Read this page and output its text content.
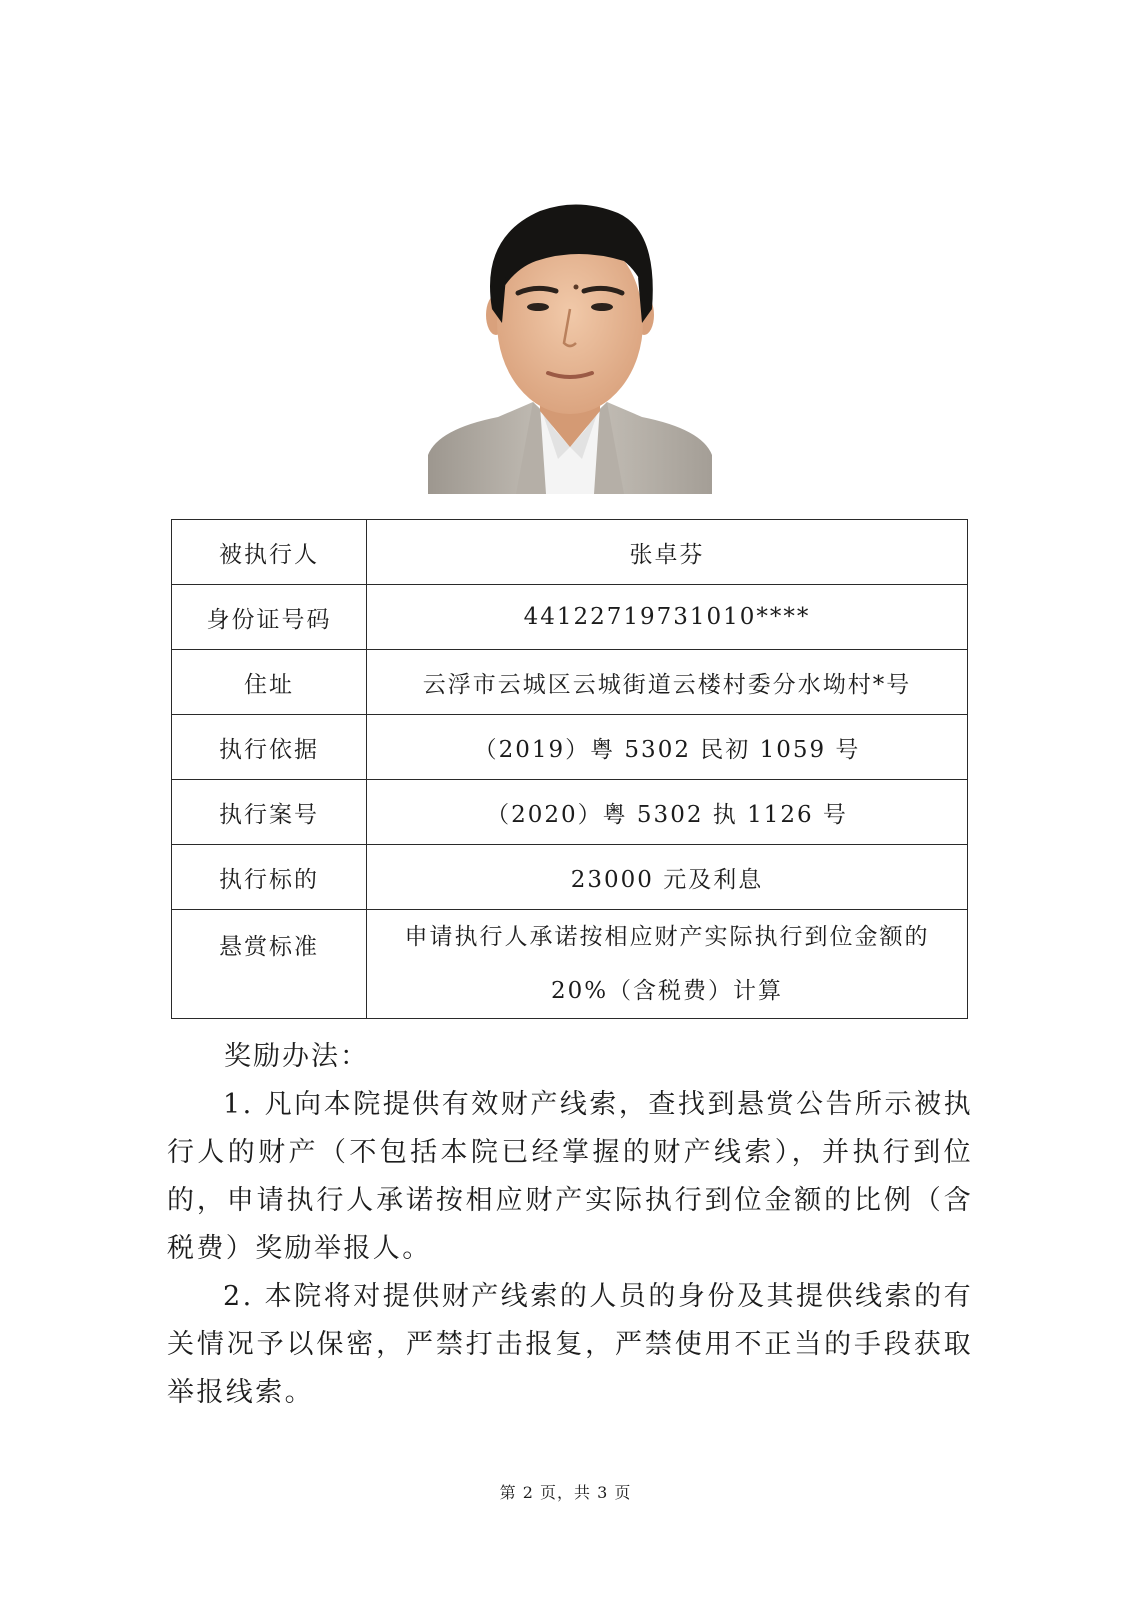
被执行人	张卓芬
身份证号码	44122719731010****
住址	云浮市云城区云城街道云楼村委分水坳村*号
执行依据	（2019）粤 5302 民初 1059 号
执行案号	（2020）粤 5302 执 1126 号
执行标的	23000 元及利息
悬赏标准	申请执行人承诺按相应财产实际执行到位金额的20%（含税费）计算

奖励办法：

1. 凡向本院提供有效财产线索，查找到悬赏公告所示被执行人的财产（不包括本院已经掌握的财产线索），并执行到位的，申请执行人承诺按相应财产实际执行到位金额的比例（含税费）奖励举报人。

2. 本院将对提供财产线索的人员的身份及其提供线索的有关情况予以保密，严禁打击报复，严禁使用不正当的手段获取举报线索。

第 2 页，共 3 页
